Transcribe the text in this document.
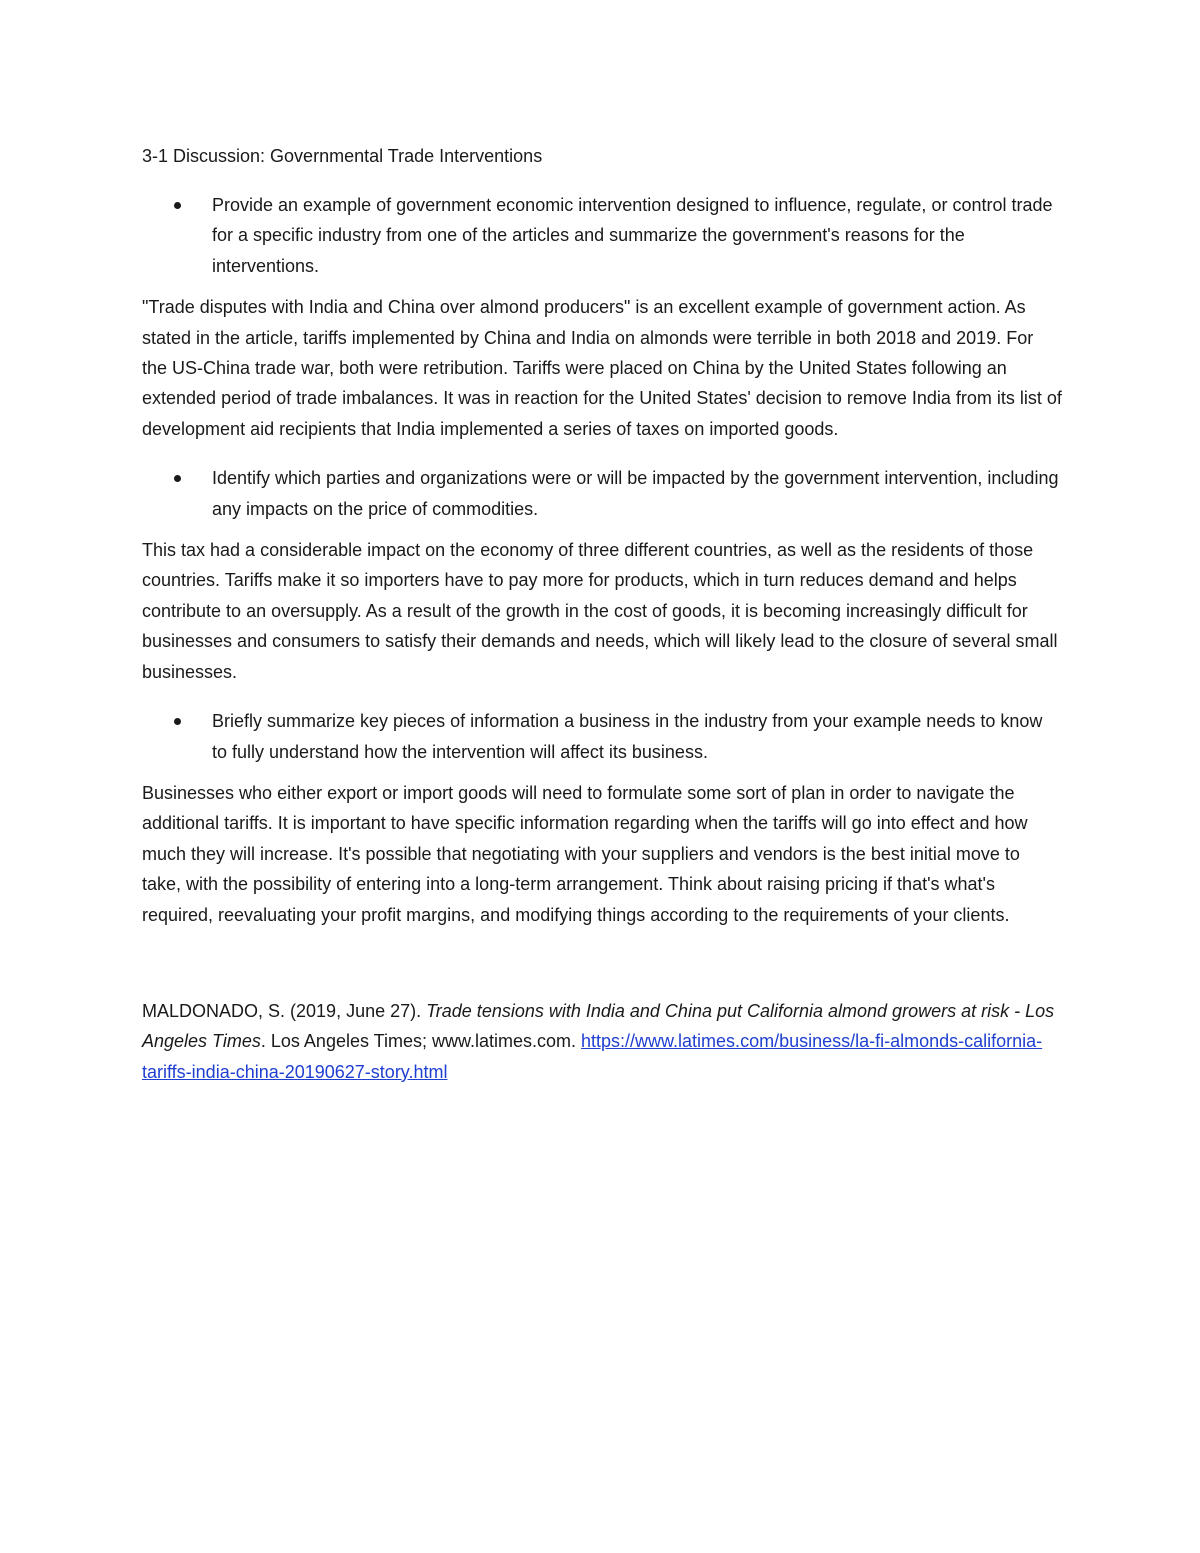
3-1 Discussion: Governmental Trade Interventions
Provide an example of government economic intervention designed to influence, regulate, or control trade for a specific industry from one of the articles and summarize the government's reasons for the interventions.

"Trade disputes with India and China over almond producers" is an excellent example of government action. As stated in the article, tariffs implemented by China and India on almonds were terrible in both 2018 and 2019. For the US-China trade war, both were retribution. Tariffs were placed on China by the United States following an extended period of trade imbalances. It was in reaction for the United States' decision to remove India from its list of development aid recipients that India implemented a series of taxes on imported goods.

Identify which parties and organizations were or will be impacted by the government intervention, including any impacts on the price of commodities.

This tax had a considerable impact on the economy of three different countries, as well as the residents of those countries. Tariffs make it so importers have to pay more for products, which in turn reduces demand and helps contribute to an oversupply. As a result of the growth in the cost of goods, it is becoming increasingly difficult for businesses and consumers to satisfy their demands and needs, which will likely lead to the closure of several small businesses.

Briefly summarize key pieces of information a business in the industry from your example needs to know to fully understand how the intervention will affect its business.

Businesses who either export or import goods will need to formulate some sort of plan in order to navigate the additional tariffs. It is important to have specific information regarding when the tariffs will go into effect and how much they will increase. It's possible that negotiating with your suppliers and vendors is the best initial move to take, with the possibility of entering into a long-term arrangement. Think about raising pricing if that's what's required, reevaluating your profit margins, and modifying things according to the requirements of your clients.

MALDONADO, S. (2019, June 27). Trade tensions with India and China put California almond growers at risk - Los Angeles Times. Los Angeles Times; www.latimes.com. https://www.latimes.com/business/la-fi-almonds-california-tariffs-india-china-20190627-story.html
